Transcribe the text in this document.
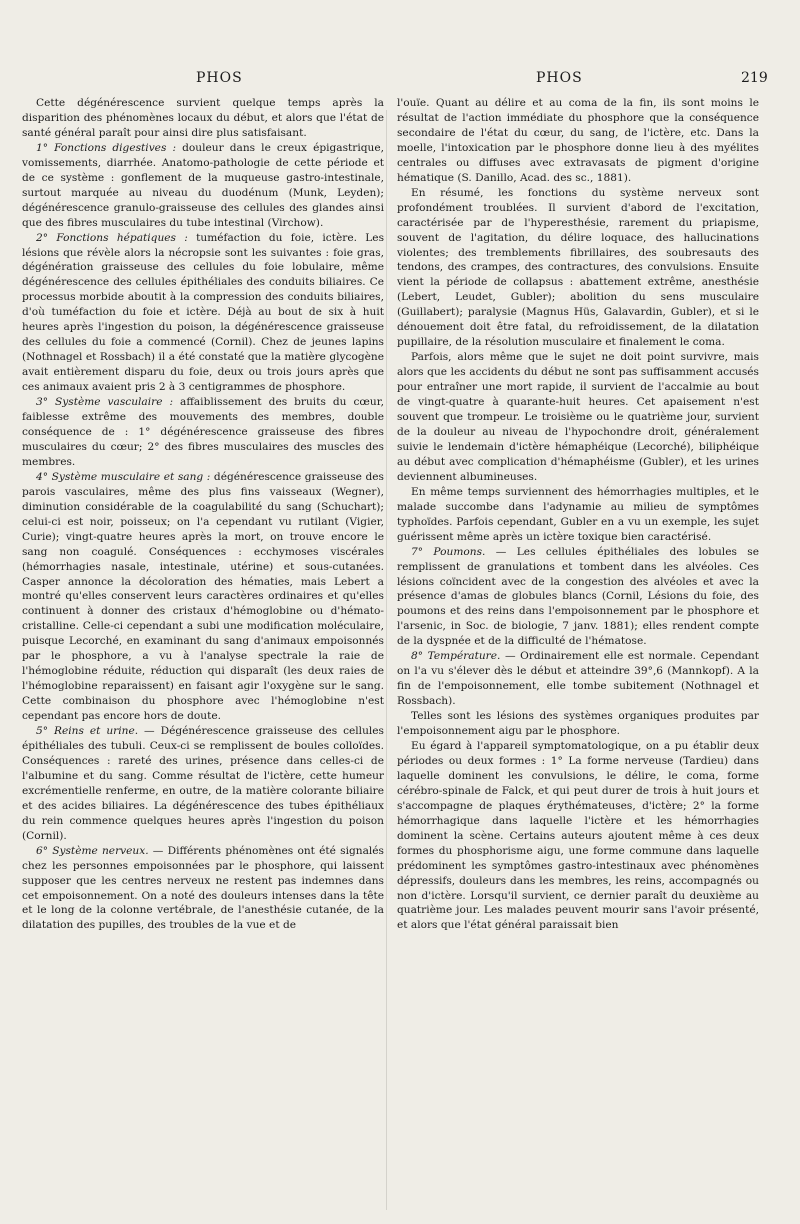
PHOS	PHOS	219

Cette dégénérescence survient quelque temps après la disparition des phénomènes locaux du début, et alors que l'état de santé général paraît pour ainsi dire plus satisfaisant.

1° Fonctions digestives : douleur dans le creux épigastrique, vomissements, diarrhée. Anatomo-pathologie de cette période et de ce système : gonflement de la muqueuse gastro-intestinale, surtout marquée au niveau du duodénum (Munk, Leyden); dégénérescence granulo-graisseuse des cellules des glandes ainsi que des fibres musculaires du tube intestinal (Virchow).

2° Fonctions hépatiques : tuméfaction du foie, ictère. Les lésions que révèle alors la nécropsie sont les suivantes : foie gras, dégénération graisseuse des cellules du foie lobulaire, même dégénérescence des cellules épithéliales des conduits biliaires. Ce processus morbide aboutit à la compression des conduits biliaires, d'où tuméfaction du foie et ictère. Déjà au bout de six à huit heures après l'ingestion du poison, la dégénérescence graisseuse des cellules du foie a commencé (Cornil). Chez de jeunes lapins (Nothnagel et Rossbach) il a été constaté que la matière glycogène avait entièrement disparu du foie, deux ou trois jours après que ces animaux avaient pris 2 à 3 centigrammes de phosphore.

3° Système vasculaire : affaiblissement des bruits du cœur, faiblesse extrême des mouvements des membres, double conséquence de : 1° dégénérescence graisseuse des fibres musculaires du cœur; 2° des fibres musculaires des muscles des membres.

4° Système musculaire et sang : dégénérescence graisseuse des parois vasculaires, même des plus fins vaisseaux (Wegner), diminution considérable de la coagulabilité du sang (Schuchart); celui-ci est noir, poisseux; on l'a cependant vu rutilant (Vigier, Curie); vingt-quatre heures après la mort, on trouve encore le sang non coagulé. Conséquences : ecchymoses viscérales (hémorrhagies nasale, intestinale, utérine) et sous-cutanées. Casper annonce la décoloration des hématies, mais Lebert a montré qu'elles conservent leurs caractères ordinaires et qu'elles continuent à donner des cristaux d'hémoglobine ou d'hémato-cristalline. Celle-ci cependant a subi une modification moléculaire, puisque Lecorché, en examinant du sang d'animaux empoisonnés par le phosphore, a vu à l'analyse spectrale la raie de l'hémoglobine réduite, réduction qui disparaît (les deux raies de l'hémoglobine reparaissent) en faisant agir l'oxygène sur le sang. Cette combinaison du phosphore avec l'hémoglobine n'est cependant pas encore hors de doute.

5° Reins et urine. — Dégénérescence graisseuse des cellules épithéliales des tubuli. Ceux-ci se remplissent de boules colloïdes. Conséquences : rareté des urines, présence dans celles-ci de l'albumine et du sang. Comme résultat de l'ictère, cette humeur excrémentielle renferme, en outre, de la matière colorante biliaire et des acides biliaires. La dégénérescence des tubes épithéliaux du rein commence quelques heures après l'ingestion du poison (Cornil).

6° Système nerveux. — Différents phénomènes ont été signalés chez les personnes empoisonnées par le phosphore, qui laissent supposer que les centres nerveux ne restent pas indemnes dans cet empoisonnement. On a noté des douleurs intenses dans la tête et le long de la colonne vertébrale, de l'anesthésie cutanée, de la dilatation des pupilles, des troubles de la vue et de

l'ouïe. Quant au délire et au coma de la fin, ils sont moins le résultat de l'action immédiate du phosphore que la conséquence secondaire de l'état du cœur, du sang, de l'ictère, etc. Dans la moelle, l'intoxication par le phosphore donne lieu à des myélites centrales ou diffuses avec extravasats de pigment d'origine hématique (S. Danillo, Acad. des sc., 1881).

En résumé, les fonctions du système nerveux sont profondément troublées. Il survient d'abord de l'excitation, caractérisée par de l'hyperesthésie, rarement du priapisme, souvent de l'agitation, du délire loquace, des hallucinations violentes; des tremblements fibrillaires, des soubresauts des tendons, des crampes, des contractures, des convulsions. Ensuite vient la période de collapsus : abattement extrême, anesthésie (Lebert, Leudet, Gubler); abolition du sens musculaire (Guillabert); paralysie (Magnus Hüs, Galavardin, Gubler), et si le dénouement doit être fatal, du refroidissement, de la dilatation pupillaire, de la résolution musculaire et finalement le coma.

Parfois, alors même que le sujet ne doit point survivre, mais alors que les accidents du début ne sont pas suffisamment accusés pour entraîner une mort rapide, il survient de l'accalmie au bout de vingt-quatre à quarante-huit heures. Cet apaisement n'est souvent que trompeur. Le troisième ou le quatrième jour, survient de la douleur au niveau de l'hypochondre droit, généralement suivie le lendemain d'ictère hémaphéique (Lecorché), biliphéique au début avec complication d'hémaphéisme (Gubler), et les urines deviennent albumineuses.

En même temps surviennent des hémorrhagies multiples, et le malade succombe dans l'adynamie au milieu de symptômes typhoïdes. Parfois cependant, Gubler en a vu un exemple, les sujet guérissent même après un ictère toxique bien caractérisé.

7° Poumons. — Les cellules épithéliales des lobules se remplissent de granulations et tombent dans les alvéoles. Ces lésions coïncident avec de la congestion des alvéoles et avec la présence d'amas de globules blancs (Cornil, Lésions du foie, des poumons et des reins dans l'empoisonnement par le phosphore et l'arsenic, in Soc. de biologie, 7 janv. 1881); elles rendent compte de la dyspnée et de la difficulté de l'hématose.

8° Température. — Ordinairement elle est normale. Cependant on l'a vu s'élever dès le début et atteindre 39°,6 (Mannkopf). A la fin de l'empoisonnement, elle tombe subitement (Nothnagel et Rossbach).

Telles sont les lésions des systèmes organiques produites par l'empoisonnement aigu par le phosphore.

Eu égard à l'appareil symptomatologique, on a pu établir deux périodes ou deux formes : 1° La forme nerveuse (Tardieu) dans laquelle dominent les convulsions, le délire, le coma, forme cérébro-spinale de Falck, et qui peut durer de trois à huit jours et s'accompagne de plaques érythémateuses, d'ictère; 2° la forme hémorrhagique dans laquelle l'ictère et les hémorrhagies dominent la scène. Certains auteurs ajoutent même à ces deux formes du phosphorisme aigu, une forme commune dans laquelle prédominent les symptômes gastro-intestinaux avec phénomènes dépressifs, douleurs dans les membres, les reins, accompagnés ou non d'ictère. Lorsqu'il survient, ce dernier paraît du deuxième au quatrième jour. Les malades peuvent mourir sans l'avoir présenté, et alors que l'état général paraissait bien
